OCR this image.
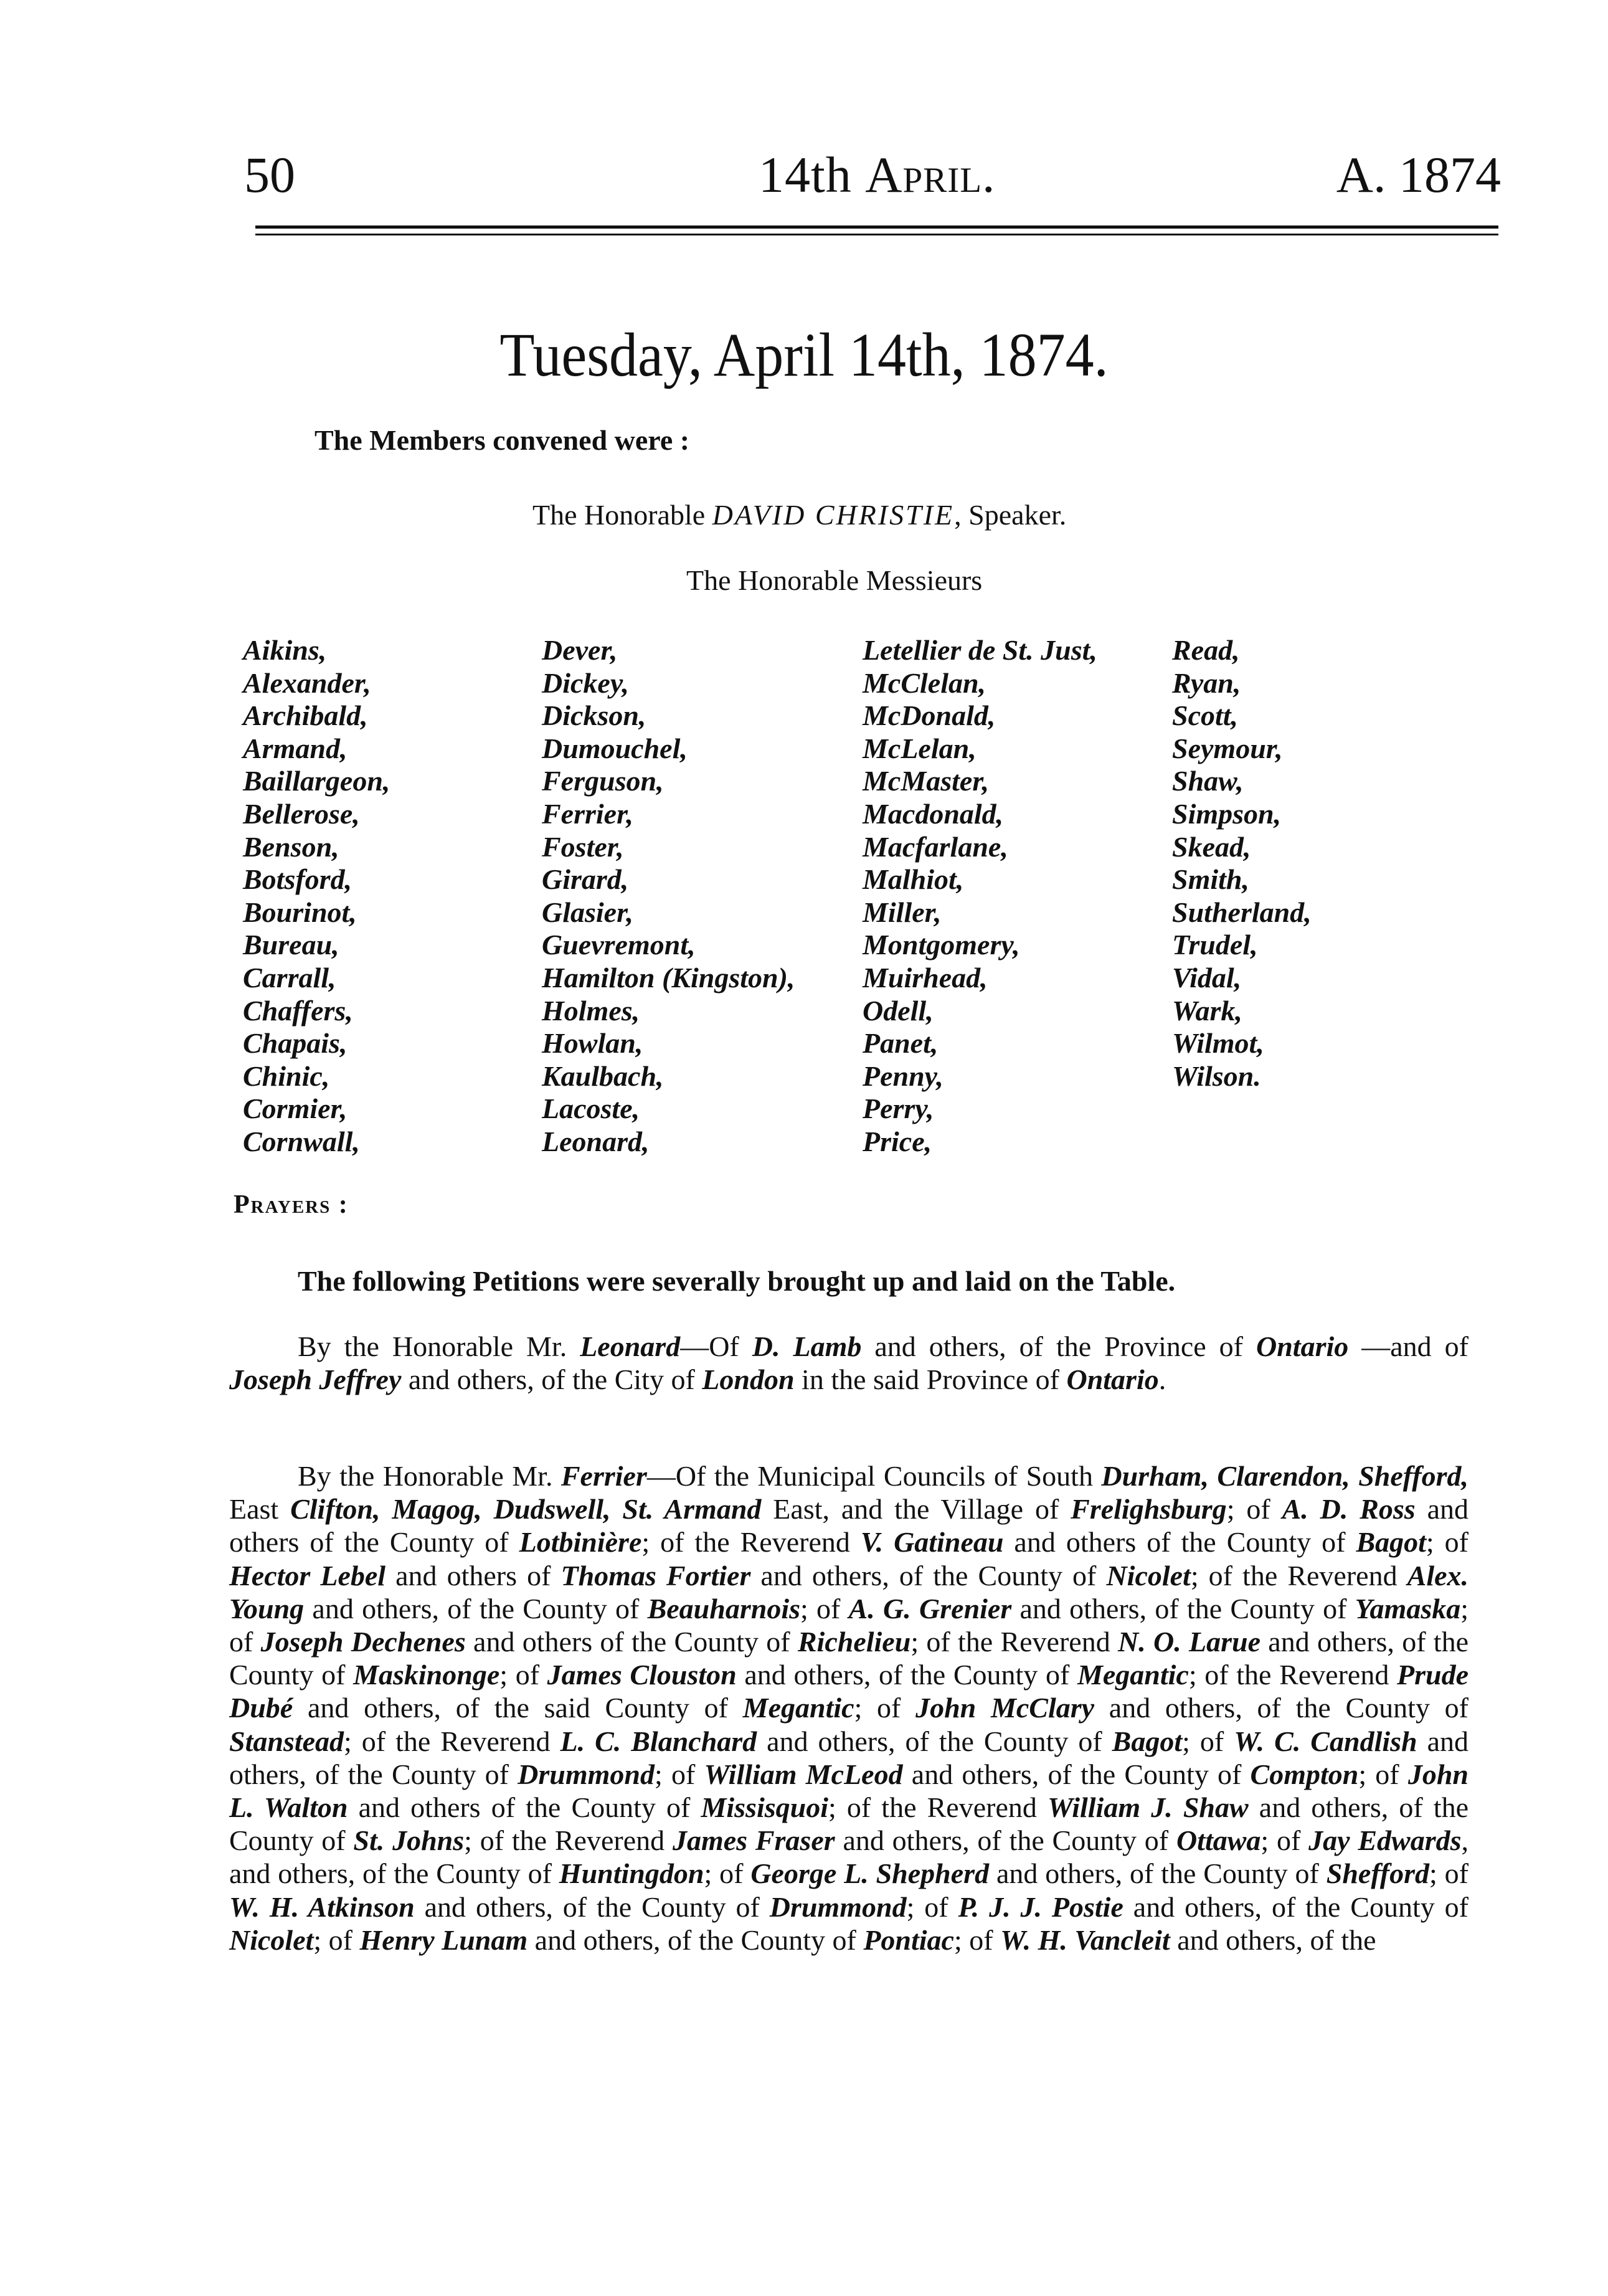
50	14th April.	A. 1874
Tuesday, April 14th, 1874.
The Members convened were :
The Honorable DAVID CHRISTIE, Speaker.
The Honorable Messieurs
Aikins,
Alexander,
Archibald,
Armand,
Baillargeon,
Bellerose,
Benson,
Botsford,
Bourinot,
Bureau,
Carrall,
Chaffers,
Chapais,
Chinic,
Cormier,
Cornwall,
Dever,
Dickey,
Dickson,
Dumouchel,
Ferguson,
Ferrier,
Foster,
Girard,
Glasier,
Guevremont,
Hamilton (Kingston),
Holmes,
Howlan,
Kaulbach,
Lacoste,
Leonard,
Letellier de St. Just,
McClelan,
McDonald,
McLelan,
McMaster,
Macdonald,
Macfarlane,
Malhiot,
Miller,
Montgomery,
Muirhead,
Odell,
Panet,
Penny,
Perry,
Price,
Read,
Ryan,
Scott,
Seymour,
Shaw,
Simpson,
Skead,
Smith,
Sutherland,
Trudel,
Vidal,
Wark,
Wilmot,
Wilson.
Prayers :

The following Petitions were severally brought up and laid on the Table.

By the Honorable Mr. Leonard—Of D. Lamb and others, of the Province of Ontario —and of Joseph Jeffrey and others, of the City of London in the said Province of Ontario.

By the Honorable Mr. Ferrier—Of the Municipal Councils of South Durham, Clarendon, Shefford, East Clifton, Magog, Dudswell, St. Armand East, and the Village of Frelighsburg; of A. D. Ross and others of the County of Lotbinière; of the Reverend V. Gatineau and others of the County of Bagot; of Hector Lebel and others of Thomas Fortier and others, of the County of Nicolet; of the Reverend Alex. Young and others, of the County of Beauharnois; of A. G. Grenier and others, of the County of Yamaska; of Joseph Dechenes and others of the County of Richelieu; of the Reverend N. O. Larue and others, of the County of Maskinonge; of James Clouston and others, of the County of Megantic; of the Reverend Prude Dubé and others, of the said County of Megantic; of John McClary and others, of the County of Stanstead; of the Reverend L. C. Blanchard and others, of the County of Bagot; of W. C. Candlish and others, of the County of Drummond; of William McLeod and others, of the County of Compton; of John L. Walton and others of the County of Missisquoi; of the Reverend William J. Shaw and others, of the County of St. Johns; of the Reverend James Fraser and others, of the County of Ottawa; of Jay Edwards, and others, of the County of Huntingdon; of George L. Shepherd and others, of the County of Shefford; of W. H. Atkinson and others, of the County of Drummond; of P. J. J. Postie and others, of the County of Nicolet; of Henry Lunam and others, of the County of Pontiac; of W. H. Vancleit and others, of the
